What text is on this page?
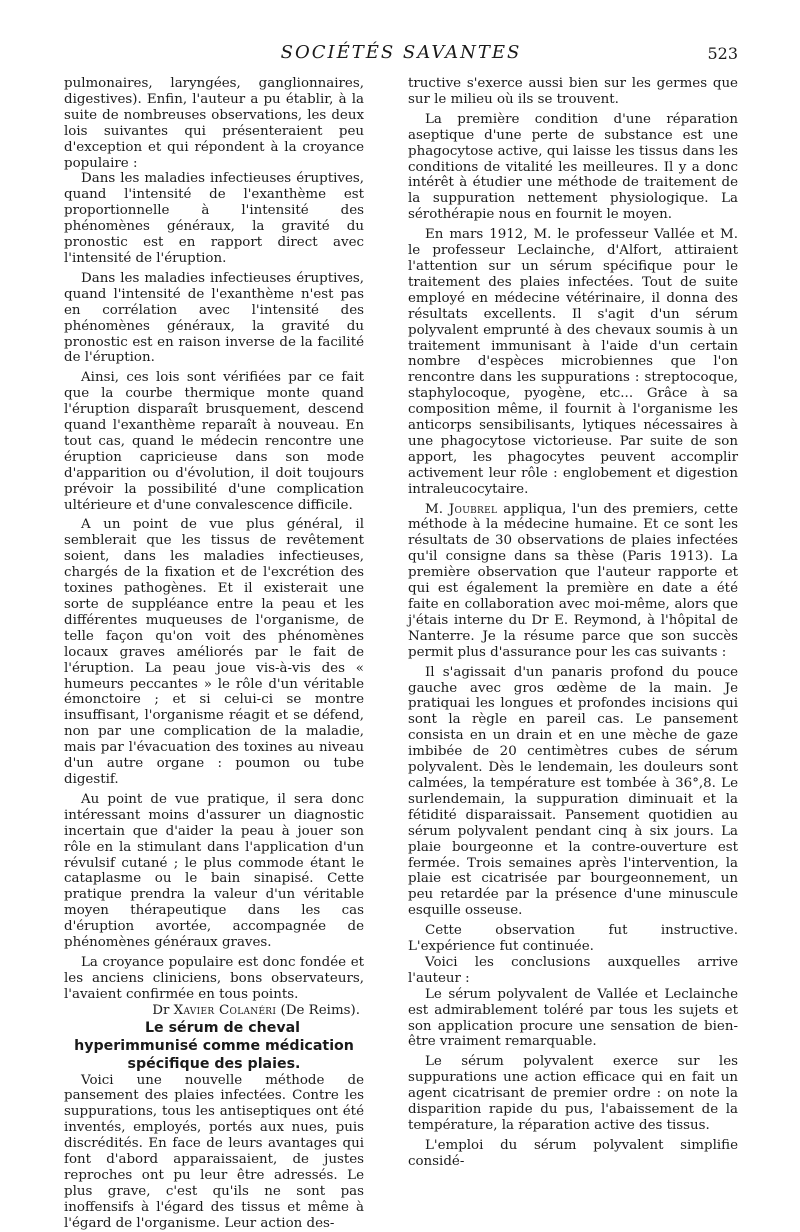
SOCIÉTÉS SAVANTES	523

pulmonaires, laryngées, ganglionnaires, digestives). Enfin, l'auteur a pu établir, à la suite de nombreuses observations, les deux lois suivantes qui présenteraient peu d'exception et qui répondent à la croyance populaire :

Dans les maladies infectieuses éruptives, quand l'intensité de l'exanthème est proportionnelle à l'intensité des phénomènes généraux, la gravité du pronostic est en rapport direct avec l'intensité de l'éruption.

Dans les maladies infectieuses éruptives, quand l'intensité de l'exanthème n'est pas en corrélation avec l'intensité des phénomènes généraux, la gravité du pronostic est en raison inverse de la facilité de l'éruption.

Ainsi, ces lois sont vérifiées par ce fait que la courbe thermique monte quand l'éruption disparaît brusquement, descend quand l'exanthème reparaît à nouveau. En tout cas, quand le médecin rencontre une éruption capricieuse dans son mode d'apparition ou d'évolution, il doit toujours prévoir la possibilité d'une complication ultérieure et d'une convalescence difficile.

A un point de vue plus général, il semblerait que les tissus de revêtement soient, dans les maladies infectieuses, chargés de la fixation et de l'excrétion des toxines pathogènes. Et il existerait une sorte de suppléance entre la peau et les différentes muqueuses de l'organisme, de telle façon qu'on voit des phénomènes locaux graves améliorés par le fait de l'éruption. La peau joue vis-à-vis des « humeurs peccantes » le rôle d'un véritable émonctoire ; et si celui-ci se montre insuffisant, l'organisme réagit et se défend, non par une complication de la maladie, mais par l'évacuation des toxines au niveau d'un autre organe : poumon ou tube digestif.

Au point de vue pratique, il sera donc intéressant moins d'assurer un diagnostic incertain que d'aider la peau à jouer son rôle en la stimulant dans l'application d'un révulsif cutané ; le plus commode étant le cataplasme ou le bain sinapisé. Cette pratique prendra la valeur d'un véritable moyen thérapeutique dans les cas d'éruption avortée, accompagnée de phénomènes généraux graves.

La croyance populaire est donc fondée et les anciens cliniciens, bons observateurs, l'avaient confirmée en tous points.

Dr Xavier Colanéri (De Reims).

Le sérum de cheval hyperimmunisé comme médication spécifique des plaies.

Voici une nouvelle méthode de pansement des plaies infectées. Contre les suppurations, tous les antiseptiques ont été inventés, employés, portés aux nues, puis discrédités. En face de leurs avantages qui font d'abord apparaissaient, de justes reproches ont pu leur être adressés. Le plus grave, c'est qu'ils ne sont pas inoffensifs à l'égard des tissus et même à l'égard de l'organisme. Leur action des-

tructive s'exerce aussi bien sur les germes que sur le milieu où ils se trouvent.

La première condition d'une réparation aseptique d'une perte de substance est une phagocytose active, qui laisse les tissus dans les conditions de vitalité les meilleures. Il y a donc intérêt à étudier une méthode de traitement de la suppuration nettement physiologique. La sérothérapie nous en fournit le moyen.

En mars 1912, M. le professeur Vallée et M. le professeur Leclainche, d'Alfort, attiraient l'attention sur un sérum spécifique pour le traitement des plaies infectées. Tout de suite employé en médecine vétérinaire, il donna des résultats excellents. Il s'agit d'un sérum polyvalent emprunté à des chevaux soumis à un traitement immunisant à l'aide d'un certain nombre d'espèces microbiennes que l'on rencontre dans les suppurations : streptocoque, staphylocoque, pyogène, etc... Grâce à sa composition même, il fournit à l'organisme les anticorps sensibilisants, lytiques nécessaires à une phagocytose victorieuse. Par suite de son apport, les phagocytes peuvent accomplir activement leur rôle : englobement et digestion intraleucocytaire.

M. Joubrel appliqua, l'un des premiers, cette méthode à la médecine humaine. Et ce sont les résultats de 30 observations de plaies infectées qu'il consigne dans sa thèse (Paris 1913). La première observation que l'auteur rapporte et qui est également la première en date a été faite en collaboration avec moi-même, alors que j'étais interne du Dr E. Reymond, à l'hôpital de Nanterre. Je la résume parce que son succès permit plus d'assurance pour les cas suivants :

Il s'agissait d'un panaris profond du pouce gauche avec gros œdème de la main. Je pratiquai les longues et profondes incisions qui sont la règle en pareil cas. Le pansement consista en un drain et en une mèche de gaze imbibée de 20 centimètres cubes de sérum polyvalent. Dès le lendemain, les douleurs sont calmées, la température est tombée à 36°,8. Le surlendemain, la suppuration diminuait et la fétidité disparaissait. Pansement quotidien au sérum polyvalent pendant cinq à six jours. La plaie bourgeonne et la contre-ouverture est fermée. Trois semaines après l'intervention, la plaie est cicatrisée par bourgeonnement, un peu retardée par la présence d'une minuscule esquille osseuse.

Cette observation fut instructive. L'expérience fut continuée.

Voici les conclusions auxquelles arrive l'auteur :

Le sérum polyvalent de Vallée et Leclainche est admirablement toléré par tous les sujets et son application procure une sensation de bien-être vraiment remarquable.

Le sérum polyvalent exerce sur les suppurations une action efficace qui en fait un agent cicatrisant de premier ordre : on note la disparition rapide du pus, l'abaissement de la température, la réparation active des tissus.

L'emploi du sérum polyvalent simplifie considé-
